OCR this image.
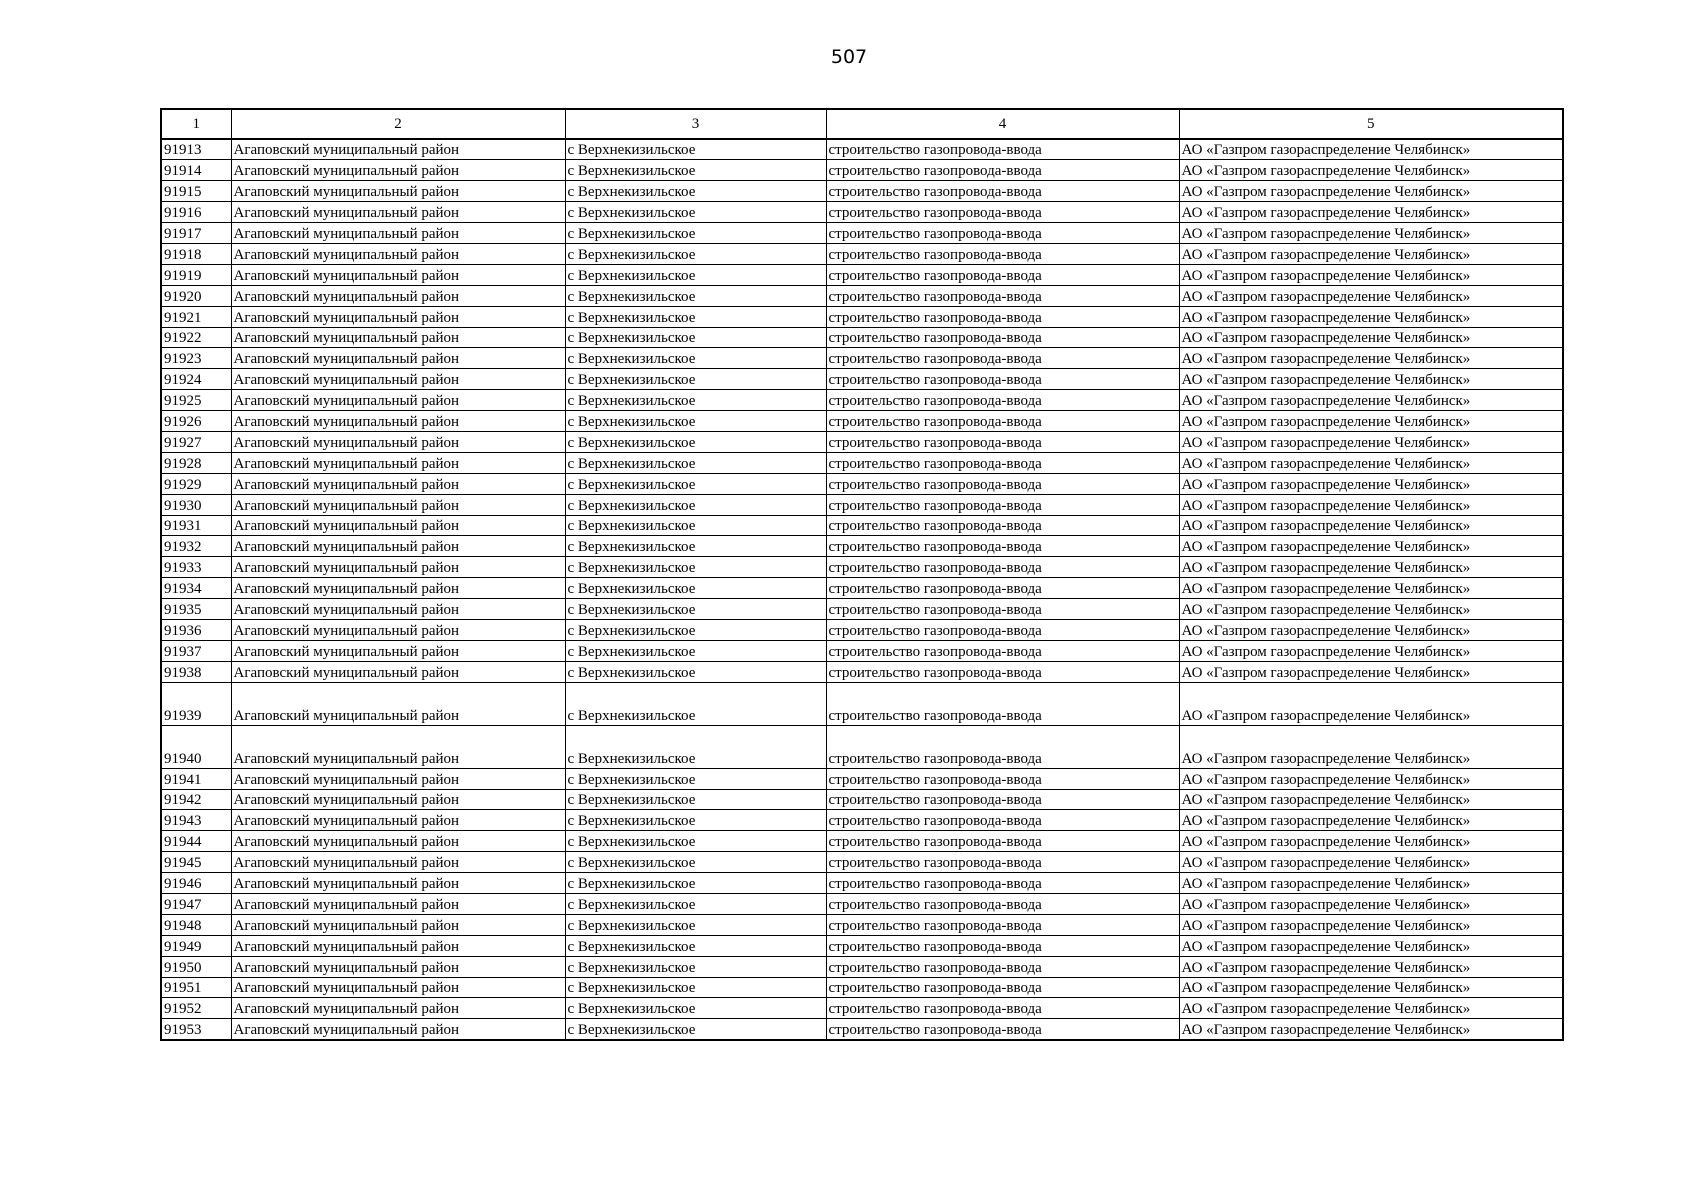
507
1	2	3	4	5
91913	Агаповский муниципальный район	с Верхнекизильское	строительство газопровода-ввода	АО «Газпром газораспределение Челябинск»
91914	Агаповский муниципальный район	с Верхнекизильское	строительство газопровода-ввода	АО «Газпром газораспределение Челябинск»
91915	Агаповский муниципальный район	с Верхнекизильское	строительство газопровода-ввода	АО «Газпром газораспределение Челябинск»
91916	Агаповский муниципальный район	с Верхнекизильское	строительство газопровода-ввода	АО «Газпром газораспределение Челябинск»
91917	Агаповский муниципальный район	с Верхнекизильское	строительство газопровода-ввода	АО «Газпром газораспределение Челябинск»
91918	Агаповский муниципальный район	с Верхнекизильское	строительство газопровода-ввода	АО «Газпром газораспределение Челябинск»
91919	Агаповский муниципальный район	с Верхнекизильское	строительство газопровода-ввода	АО «Газпром газораспределение Челябинск»
91920	Агаповский муниципальный район	с Верхнекизильское	строительство газопровода-ввода	АО «Газпром газораспределение Челябинск»
91921	Агаповский муниципальный район	с Верхнекизильское	строительство газопровода-ввода	АО «Газпром газораспределение Челябинск»
91922	Агаповский муниципальный район	с Верхнекизильское	строительство газопровода-ввода	АО «Газпром газораспределение Челябинск»
91923	Агаповский муниципальный район	с Верхнекизильское	строительство газопровода-ввода	АО «Газпром газораспределение Челябинск»
91924	Агаповский муниципальный район	с Верхнекизильское	строительство газопровода-ввода	АО «Газпром газораспределение Челябинск»
91925	Агаповский муниципальный район	с Верхнекизильское	строительство газопровода-ввода	АО «Газпром газораспределение Челябинск»
91926	Агаповский муниципальный район	с Верхнекизильское	строительство газопровода-ввода	АО «Газпром газораспределение Челябинск»
91927	Агаповский муниципальный район	с Верхнекизильское	строительство газопровода-ввода	АО «Газпром газораспределение Челябинск»
91928	Агаповский муниципальный район	с Верхнекизильское	строительство газопровода-ввода	АО «Газпром газораспределение Челябинск»
91929	Агаповский муниципальный район	с Верхнекизильское	строительство газопровода-ввода	АО «Газпром газораспределение Челябинск»
91930	Агаповский муниципальный район	с Верхнекизильское	строительство газопровода-ввода	АО «Газпром газораспределение Челябинск»
91931	Агаповский муниципальный район	с Верхнекизильское	строительство газопровода-ввода	АО «Газпром газораспределение Челябинск»
91932	Агаповский муниципальный район	с Верхнекизильское	строительство газопровода-ввода	АО «Газпром газораспределение Челябинск»
91933	Агаповский муниципальный район	с Верхнекизильское	строительство газопровода-ввода	АО «Газпром газораспределение Челябинск»
91934	Агаповский муниципальный район	с Верхнекизильское	строительство газопровода-ввода	АО «Газпром газораспределение Челябинск»
91935	Агаповский муниципальный район	с Верхнекизильское	строительство газопровода-ввода	АО «Газпром газораспределение Челябинск»
91936	Агаповский муниципальный район	с Верхнекизильское	строительство газопровода-ввода	АО «Газпром газораспределение Челябинск»
91937	Агаповский муниципальный район	с Верхнекизильское	строительство газопровода-ввода	АО «Газпром газораспределение Челябинск»
91938	Агаповский муниципальный район	с Верхнекизильское	строительство газопровода-ввода	АО «Газпром газораспределение Челябинск»
91939	Агаповский муниципальный район	с Верхнекизильское	строительство газопровода-ввода	АО «Газпром газораспределение Челябинск»
91940	Агаповский муниципальный район	с Верхнекизильское	строительство газопровода-ввода	АО «Газпром газораспределение Челябинск»
91941	Агаповский муниципальный район	с Верхнекизильское	строительство газопровода-ввода	АО «Газпром газораспределение Челябинск»
91942	Агаповский муниципальный район	с Верхнекизильское	строительство газопровода-ввода	АО «Газпром газораспределение Челябинск»
91943	Агаповский муниципальный район	с Верхнекизильское	строительство газопровода-ввода	АО «Газпром газораспределение Челябинск»
91944	Агаповский муниципальный район	с Верхнекизильское	строительство газопровода-ввода	АО «Газпром газораспределение Челябинск»
91945	Агаповский муниципальный район	с Верхнекизильское	строительство газопровода-ввода	АО «Газпром газораспределение Челябинск»
91946	Агаповский муниципальный район	с Верхнекизильское	строительство газопровода-ввода	АО «Газпром газораспределение Челябинск»
91947	Агаповский муниципальный район	с Верхнекизильское	строительство газопровода-ввода	АО «Газпром газораспределение Челябинск»
91948	Агаповский муниципальный район	с Верхнекизильское	строительство газопровода-ввода	АО «Газпром газораспределение Челябинск»
91949	Агаповский муниципальный район	с Верхнекизильское	строительство газопровода-ввода	АО «Газпром газораспределение Челябинск»
91950	Агаповский муниципальный район	с Верхнекизильское	строительство газопровода-ввода	АО «Газпром газораспределение Челябинск»
91951	Агаповский муниципальный район	с Верхнекизильское	строительство газопровода-ввода	АО «Газпром газораспределение Челябинск»
91952	Агаповский муниципальный район	с Верхнекизильское	строительство газопровода-ввода	АО «Газпром газораспределение Челябинск»
91953	Агаповский муниципальный район	с Верхнекизильское	строительство газопровода-ввода	АО «Газпром газораспределение Челябинск»
